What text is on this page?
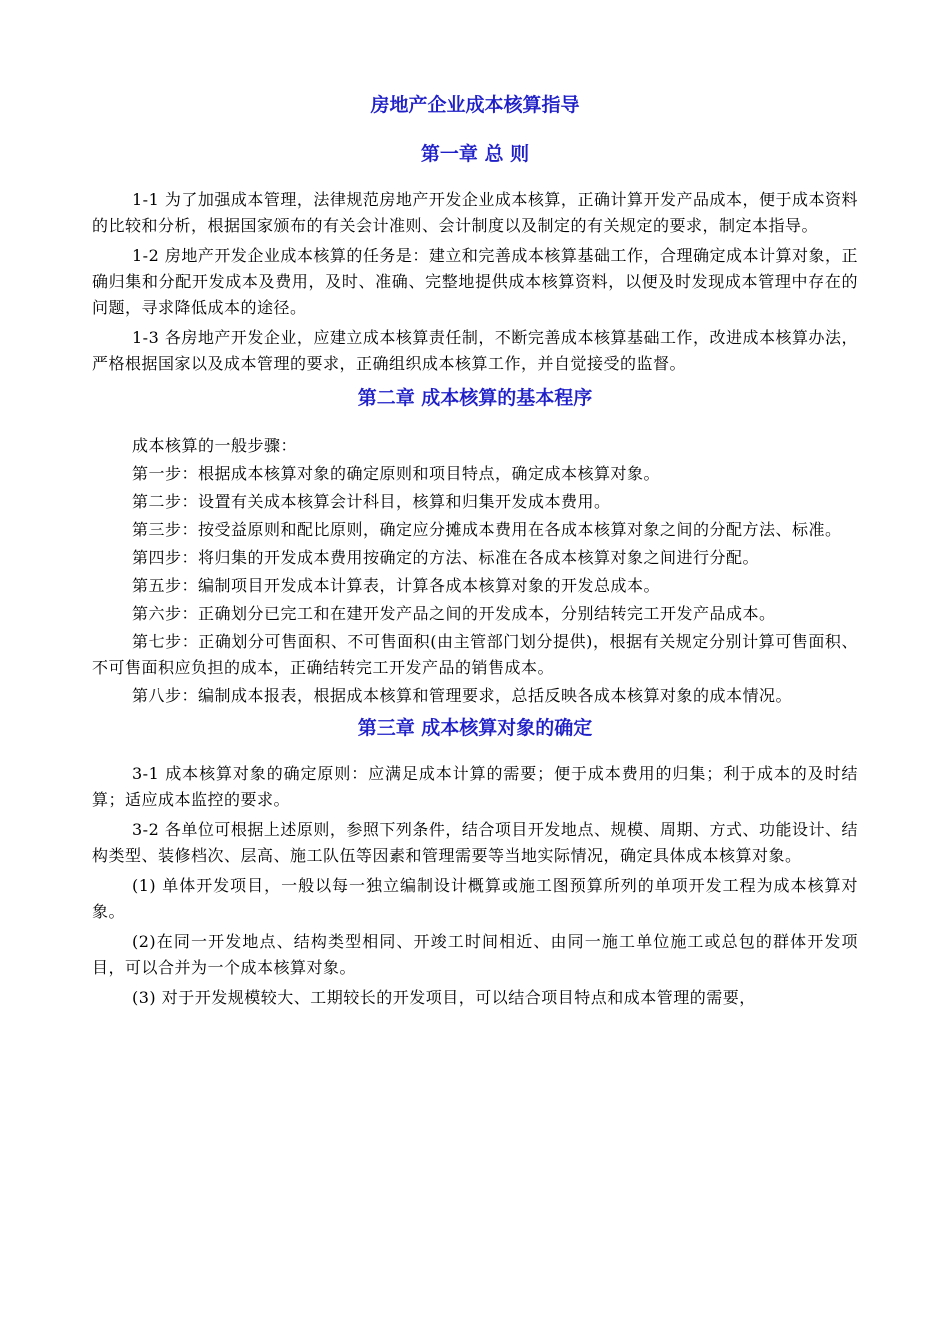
房地产企业成本核算指导
第一章 总 则

1-1 为了加强成本管理，法律规范房地产开发企业成本核算，正确计算开发产品成本，便于成本资料的比较和分析，根据国家颁布的有关会计准则、会计制度以及制定的有关规定的要求，制定本指导。

1-2 房地产开发企业成本核算的任务是：建立和完善成本核算基础工作，合理确定成本计算对象，正确归集和分配开发成本及费用，及时、准确、完整地提供成本核算资料，以便及时发现成本管理中存在的问题，寻求降低成本的途径。

1-3 各房地产开发企业，应建立成本核算责任制，不断完善成本核算基础工作，改进成本核算办法，严格根据国家以及成本管理的要求，正确组织成本核算工作，并自觉接受的监督。

第二章 成本核算的基本程序

成本核算的一般步骤：

第一步：根据成本核算对象的确定原则和项目特点，确定成本核算对象。

第二步：设置有关成本核算会计科目，核算和归集开发成本费用。

第三步：按受益原则和配比原则，确定应分摊成本费用在各成本核算对象之间的分配方法、标准。

第四步：将归集的开发成本费用按确定的方法、标准在各成本核算对象之间进行分配。

第五步：编制项目开发成本计算表，计算各成本核算对象的开发总成本。

第六步：正确划分已完工和在建开发产品之间的开发成本，分别结转完工开发产品成本。

第七步：正确划分可售面积、不可售面积(由主管部门划分提供)，根据有关规定分别计算可售面积、不可售面积应负担的成本，正确结转完工开发产品的销售成本。

第八步：编制成本报表，根据成本核算和管理要求，总括反映各成本核算对象的成本情况。

第三章 成本核算对象的确定

3-1 成本核算对象的确定原则：应满足成本计算的需要；便于成本费用的归集；利于成本的及时结算；适应成本监控的要求。

3-2 各单位可根据上述原则，参照下列条件，结合项目开发地点、规模、周期、方式、功能设计、结构类型、装修档次、层高、施工队伍等因素和管理需要等当地实际情况，确定具体成本核算对象。

(1) 单体开发项目，一般以每一独立编制设计概算或施工图预算所列的单项开发工程为成本核算对象。

(2)在同一开发地点、结构类型相同、开竣工时间相近、由同一施工单位施工或总包的群体开发项目，可以合并为一个成本核算对象。

(3) 对于开发规模较大、工期较长的开发项目，可以结合项目特点和成本管理的需要，
